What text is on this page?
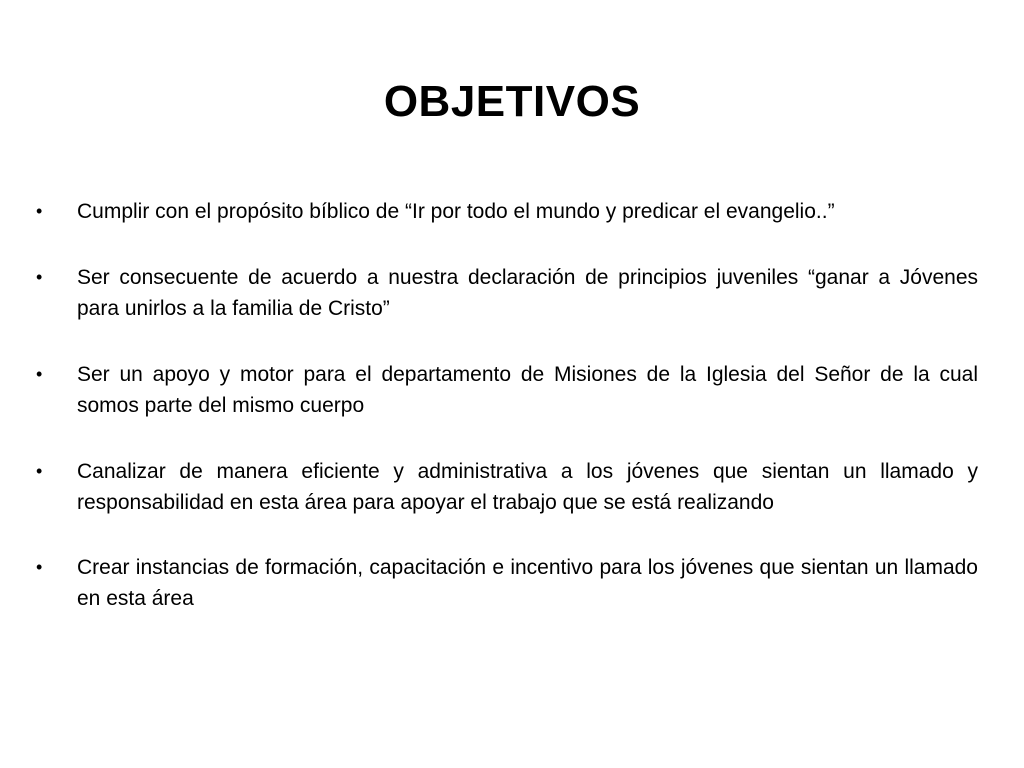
OBJETIVOS
•	Cumplir con el propósito bíblico de “Ir por todo el mundo y predicar el evangelio..”
•	Ser consecuente de acuerdo a nuestra declaración de principios juveniles “ganar a Jóvenes para unirlos a la familia de Cristo”
•	Ser un apoyo y motor para el departamento de Misiones de la Iglesia del Señor de la cual somos parte del mismo cuerpo
•	Canalizar de manera eficiente y administrativa a los jóvenes que sientan un llamado y responsabilidad en esta área para apoyar el trabajo que se está realizando
•	Crear instancias de formación, capacitación e incentivo para los jóvenes que sientan un llamado en esta área
